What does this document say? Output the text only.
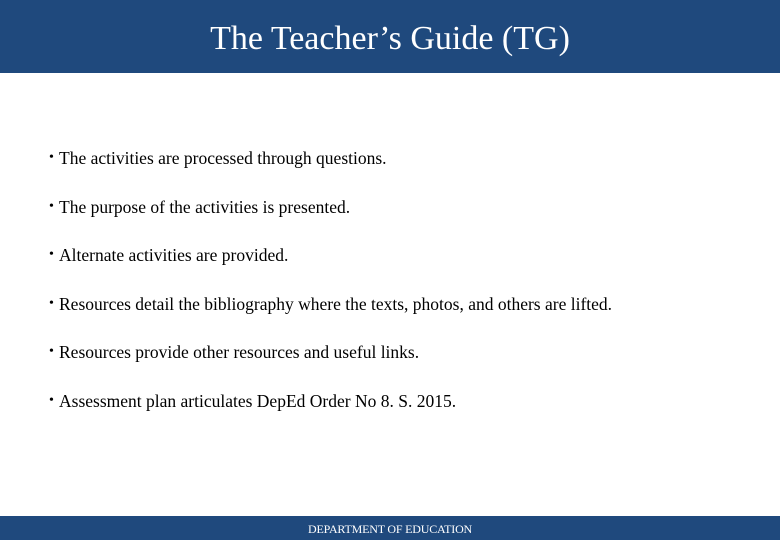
The Teacher’s Guide (TG)
• The activities are processed through questions.
• The purpose of the activities is presented.
• Alternate activities are provided.
• Resources detail the bibliography where the texts, photos, and others are lifted.
• Resources provide other resources and useful links.
• Assessment plan articulates DepEd Order No 8. S. 2015.
DEPARTMENT OF EDUCATION
